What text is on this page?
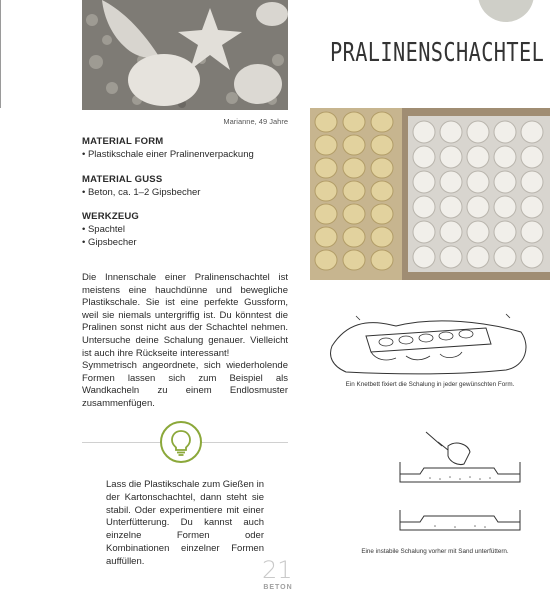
Marianne, 49 Jahre
MATERIAL FORM
• Plastikschale einer Pralinenverpackung
MATERIAL GUSS
• Beton, ca. 1–2 Gipsbecher
WERKZEUG
• Spachtel
• Gipsbecher

Die Innenschale einer Pralinenschachtel ist meistens eine hauchdünne und bewegliche Plastikschale. Sie ist eine perfekte Gussform, weil sie niemals untergriffig ist. Du könntest die Pralinen sonst nicht aus der Schachtel nehmen. Untersuche deine Schalung genauer. Vielleicht ist auch ihre Rückseite interessant!

Symmetrisch angeordnete, sich wiederholende Formen lassen sich zum Beispiel als Wandkacheln zu einem Endlosmuster zusammenfügen.

Lass die Plastikschale zum Gießen in der Kartonschachtel, dann steht sie stabil. Oder experimentiere mit einer Unterfütterung. Du kannst auch einzelne Formen oder Kombinationen einzelner Formen auffüllen.	21
BETON
PRALINENSCHACHTEL
Ein Knetbett fixiert die Schalung in jeder gewünschten Form.
Eine instabile Schalung vorher mit Sand unterfüttern.
